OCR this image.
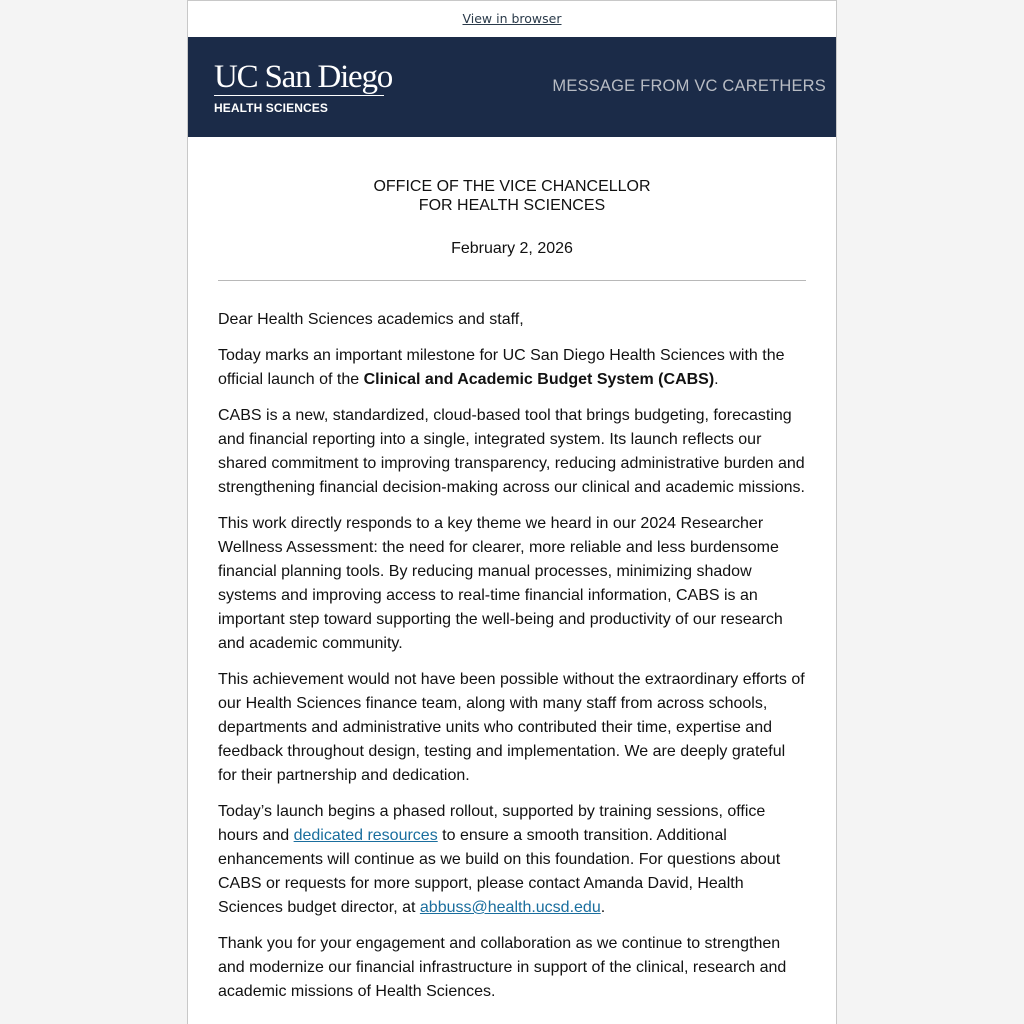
View in browser
UC San Diego
HEALTH SCIENCES
MESSAGE FROM VC CARETHERS
OFFICE OF THE VICE CHANCELLOR
FOR HEALTH SCIENCES
February 2, 2026

Dear Health Sciences academics and staff,

Today marks an important milestone for UC San Diego Health Sciences with the official launch of the Clinical and Academic Budget System (CABS).

CABS is a new, standardized, cloud-based tool that brings budgeting, forecasting and financial reporting into a single, integrated system. Its launch reflects our shared commitment to improving transparency, reducing administrative burden and strengthening financial decision-making across our clinical and academic missions.

This work directly responds to a key theme we heard in our 2024 Researcher Wellness Assessment: the need for clearer, more reliable and less burdensome financial planning tools. By reducing manual processes, minimizing shadow systems and improving access to real-time financial information, CABS is an important step toward supporting the well-being and productivity of our research and academic community.

This achievement would not have been possible without the extraordinary efforts of our Health Sciences finance team, along with many staff from across schools, departments and administrative units who contributed their time, expertise and feedback throughout design, testing and implementation. We are deeply grateful for their partnership and dedication.

Today’s launch begins a phased rollout, supported by training sessions, office hours and dedicated resources to ensure a smooth transition. Additional enhancements will continue as we build on this foundation. For questions about CABS or requests for more support, please contact Amanda David, Health Sciences budget director, at abbuss@health.ucsd.edu.

Thank you for your engagement and collaboration as we continue to strengthen and modernize our financial infrastructure in support of the clinical, research and academic missions of Health Sciences.
